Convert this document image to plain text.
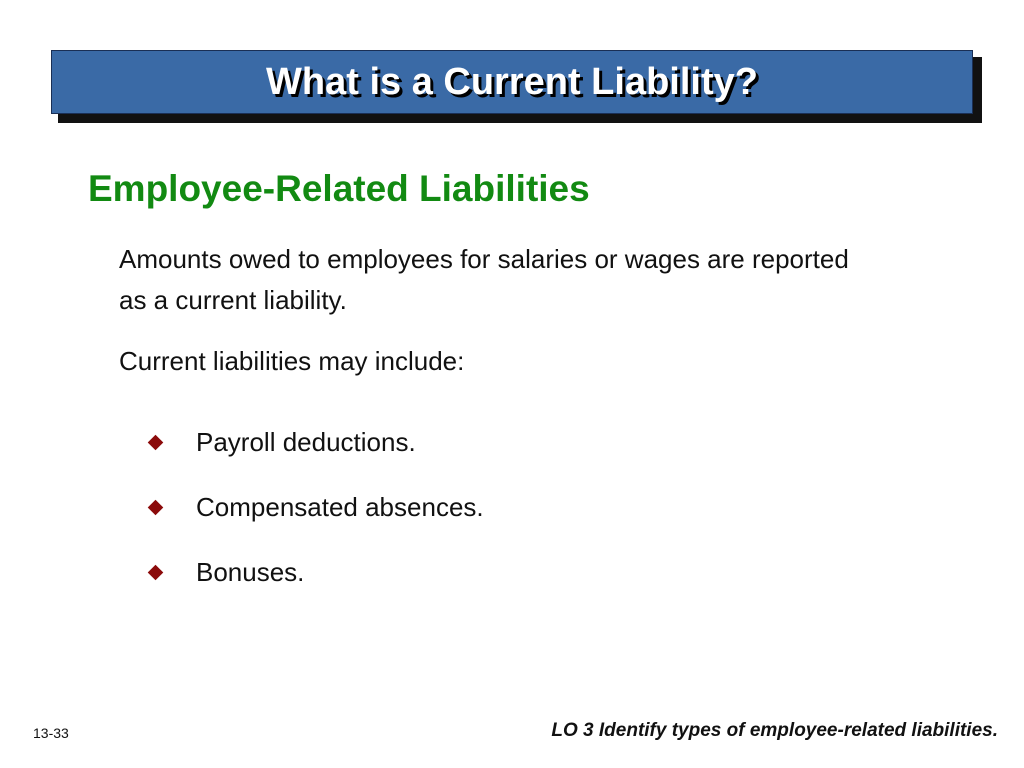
What is a Current Liability?
Employee-Related Liabilities
Amounts owed to employees for salaries or wages are reported as a current liability.
Current liabilities may include:
Payroll deductions.
Compensated absences.
Bonuses.
13-33	LO 3 Identify types of employee-related liabilities.
